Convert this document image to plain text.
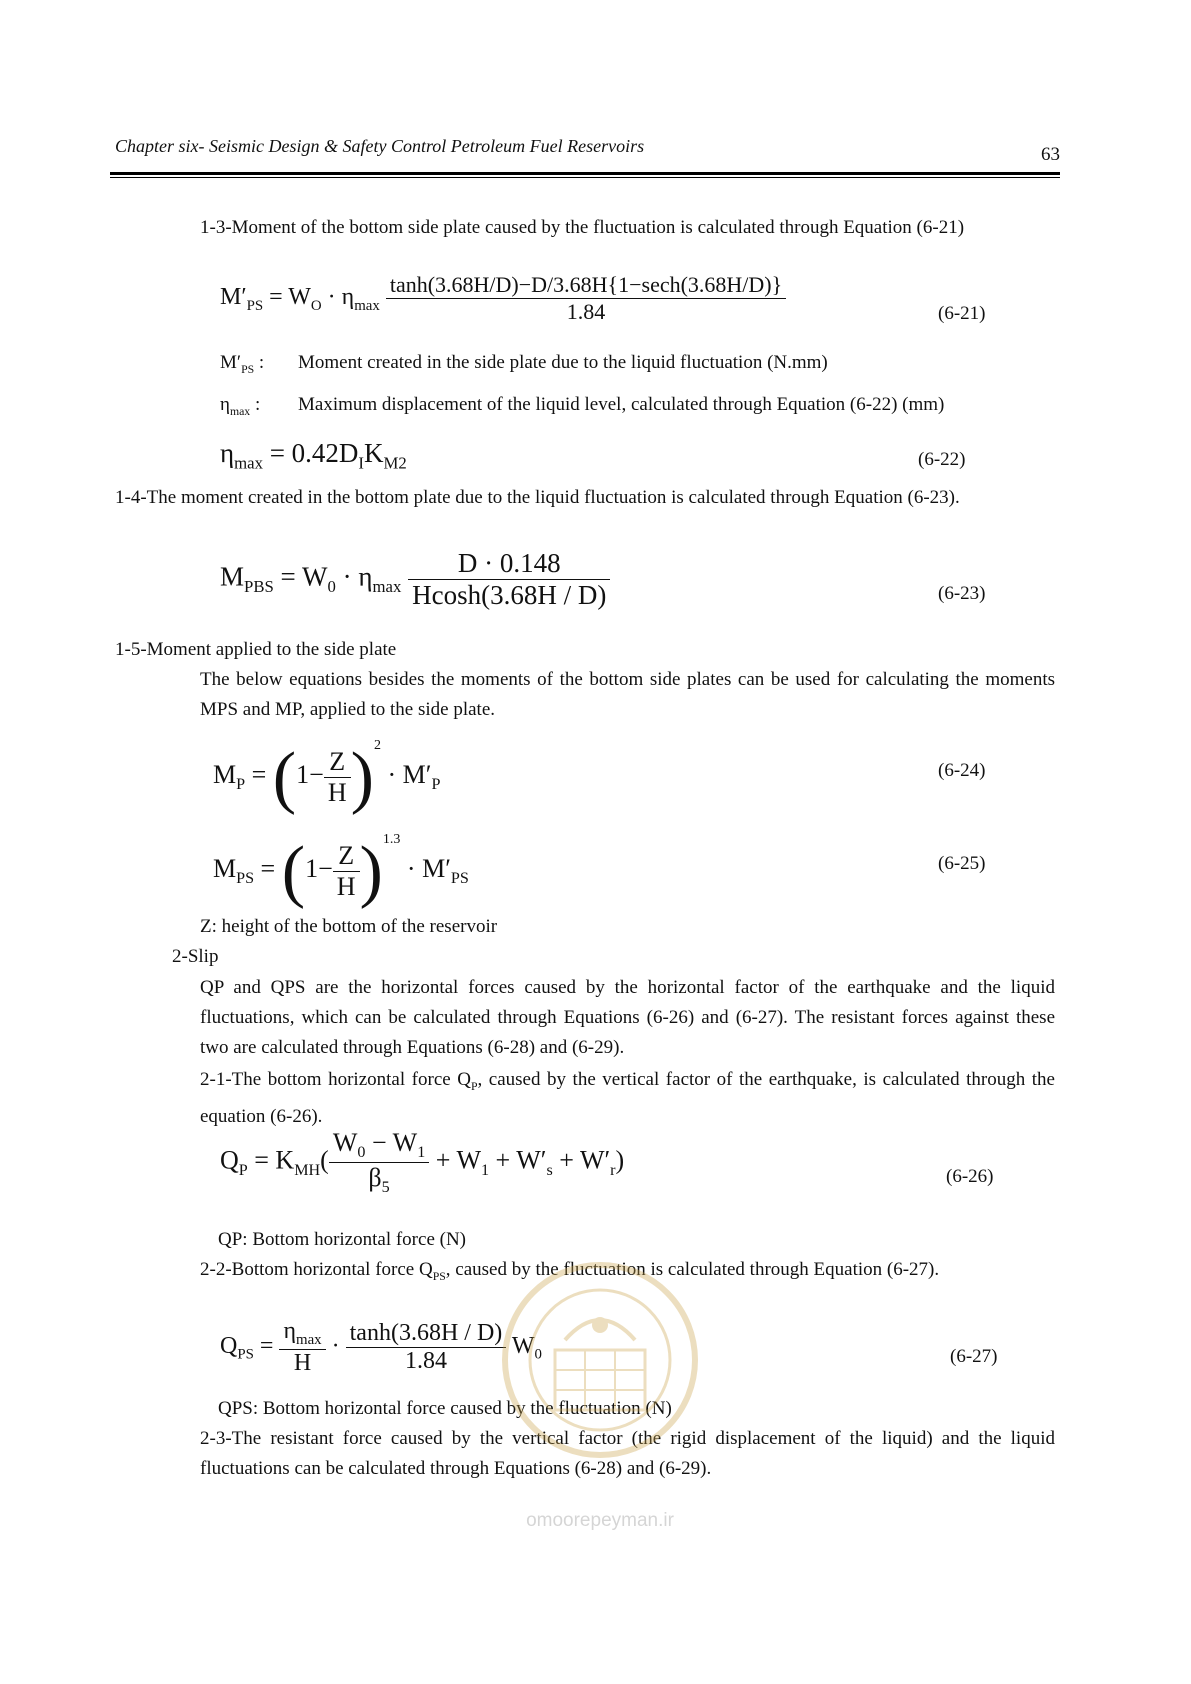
Chapter six- Seismic Design & Safety Control Petroleum Fuel Reservoirs	63
1-3-Moment of the bottom side plate caused by the fluctuation is calculated through Equation (6-21)
$M'_{PS} = W_O \cdot \eta_{max} \frac{\tanh(3.68H/D)-D/3.68H\{1-\sec h(3.68H/D)\}}{1.84}$	(6-21)
$M'_{PS}$ : Moment created in the side plate due to the liquid fluctuation (N.mm)
$\eta_{max}$ : Maximum displacement of the liquid level, calculated through Equation (6-22) (mm)
$\eta_{max} = 0.42D_IK_{M2}$	(6-22)
1-4-The moment created in the bottom plate due to the liquid fluctuation is calculated through Equation (6-23).
$M_{PBS} = W_0 \cdot \eta_{max} \frac{D \cdot 0.148}{Hcosh(3.68H / D)}$	(6-23)
1-5-Moment applied to the side plate
The below equations besides the moments of the bottom side plates can be used for calculating the moments MPS and MP, applied to the side plate.
$M_P = (1- \frac{Z}{H} )^2 \cdot M'_P$
(6-24)
$M_{PS} = (1- \frac{Z}{H} )^{1.3} \cdot M'_{PS}$
(6-25)
Z: height of the bottom of the reservoir
2-Slip
QP and QPS are the horizontal forces caused by the horizontal factor of the earthquake and the liquid fluctuations, which can be calculated through Equations (6-26) and (6-27). The resistant forces against these two are calculated through Equations (6-28) and (6-29).
2-1-The bottom horizontal force $Q_P$, caused by the vertical factor of the earthquake, is calculated through the equation (6-26).
$Q_P = K_{MH}( \frac{W_0 - W_1}{\beta_5} + W_1 + W'_s + W'_r)$
(6-26)
QP: Bottom horizontal force (N)
2-2-Bottom horizontal force $Q_{PS}$, caused by the fluctuation is calculated through Equation (6-27).
$Q_{PS} = \frac{\eta_{max}}{H} \cdot \frac{\tanh(3.68H / D)}{1.84} W_0$	(6-27)
QPS: Bottom horizontal force caused by the fluctuation (N)
2-3-The resistant force caused by the vertical factor (the rigid displacement of the liquid) and the liquid fluctuations can be calculated through Equations (6-28) and (6-29).
omoorepeyman.ir
